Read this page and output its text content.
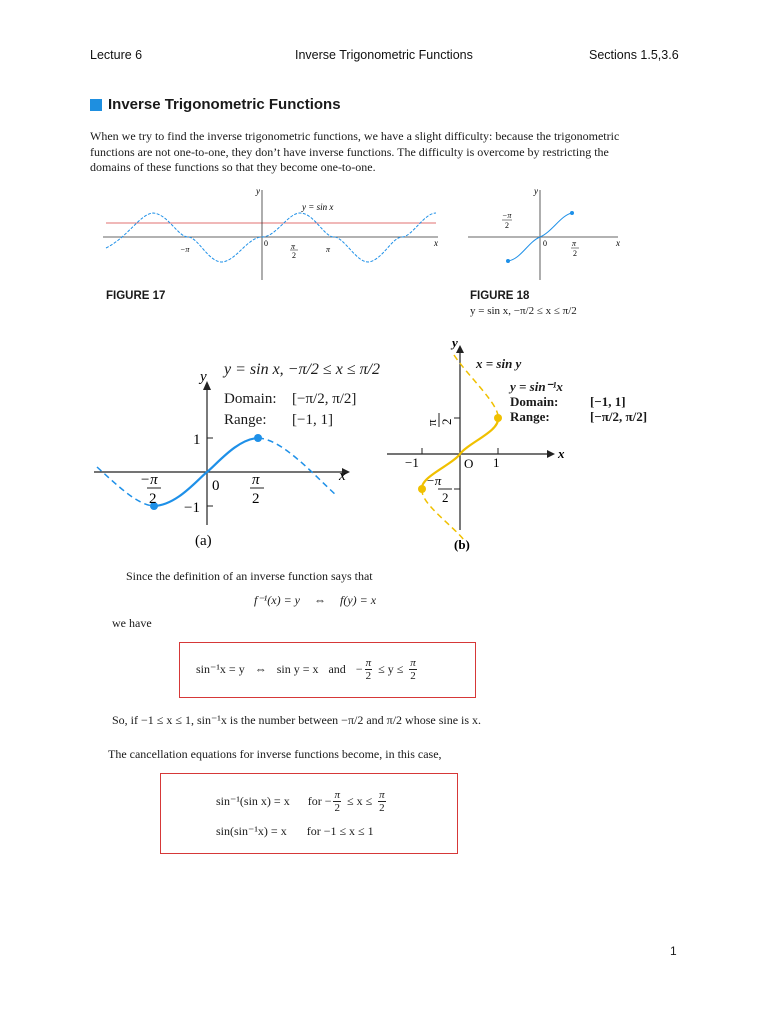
Lecture 6	Inverse Trigonometric Functions	Sections 1.5,3.6
Inverse Trigonometric Functions
When we try to find the inverse trigonometric functions, we have a slight difficulty: because the trigonometric functions are not one-to-one, they don’t have inverse functions. The difficulty is overcome by restricting the domains of these functions so that they become one-to-one.
y
x
y = sin x
0
−π	π
π
2
FIGURE 17
y
x
0
−π
2
π
2
FIGURE 18
y = sin x, −π/2 ≤ x ≤ π/2
y
x
0
1
−1
−π
2
π
2
(a)
y = sin x, −π/2 ≤ x ≤ π/2
Domain: [−π/2, π/2]
Range: [−1, 1]
y
x
O
−1	1
π 2
−π
2
(b)
x = sin y
y = sin⁻¹x
Domain: [−1, 1]
Range:	[−π/2, π/2]
Since the definition of an inverse function says that
f⁻¹(x) = y ⇔ f(y) = x
we have
sin⁻¹x = y ⇔ sin y = x and − $\frac{\pi}{2} \le y \le \frac{\pi}{2}$
So, if −1 ≤ x ≤ 1, sin⁻¹x is the number between −π/2 and π/2 whose sine is x.
The cancellation equations for inverse functions become, in this case,
sin⁻¹(sin x) = x for − $\frac{\pi}{2} \le x \le \frac{\pi}{2}$
sin(sin⁻¹x) = x for −1 ≤ x ≤ 1
1
